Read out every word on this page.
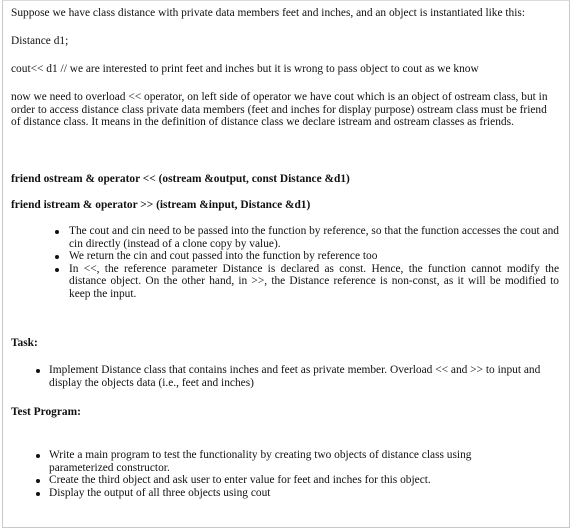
Suppose we have class distance with private data members feet and inches, and an object is instantiated like this:

Distance d1;

cout<< d1 // we are interested to print feet and inches but it is wrong to pass object to cout as we know

now we need to overload << operator, on left side of operator we have cout which is an object of ostream class, but in order to access distance class private data members (feet and inches for display purpose) ostream class must be friend of distance class. It means in the definition of distance class we declare istream and ostream classes as friends.

friend ostream & operator << (ostream &output, const Distance &d1)

friend istream & operator >> (istream &input, Distance &d1)

The cout and cin need to be passed into the function by reference, so that the function accesses the cout and cin directly (instead of a clone copy by value).
We return the cin and cout passed into the function by reference too
In <<, the reference parameter Distance is declared as const. Hence, the function cannot modify the distance object. On the other hand, in >>, the Distance reference is non-const, as it will be modified to keep the input.

Task:

Implement Distance class that contains inches and feet as private member. Overload << and >> to input and display the objects data (i.e., feet and inches)

Test Program:

Write a main program to test the functionality by creating two objects of distance class using parameterized constructor.
Create the third object and ask user to enter value for feet and inches for this object.
Display the output of all three objects using cout
